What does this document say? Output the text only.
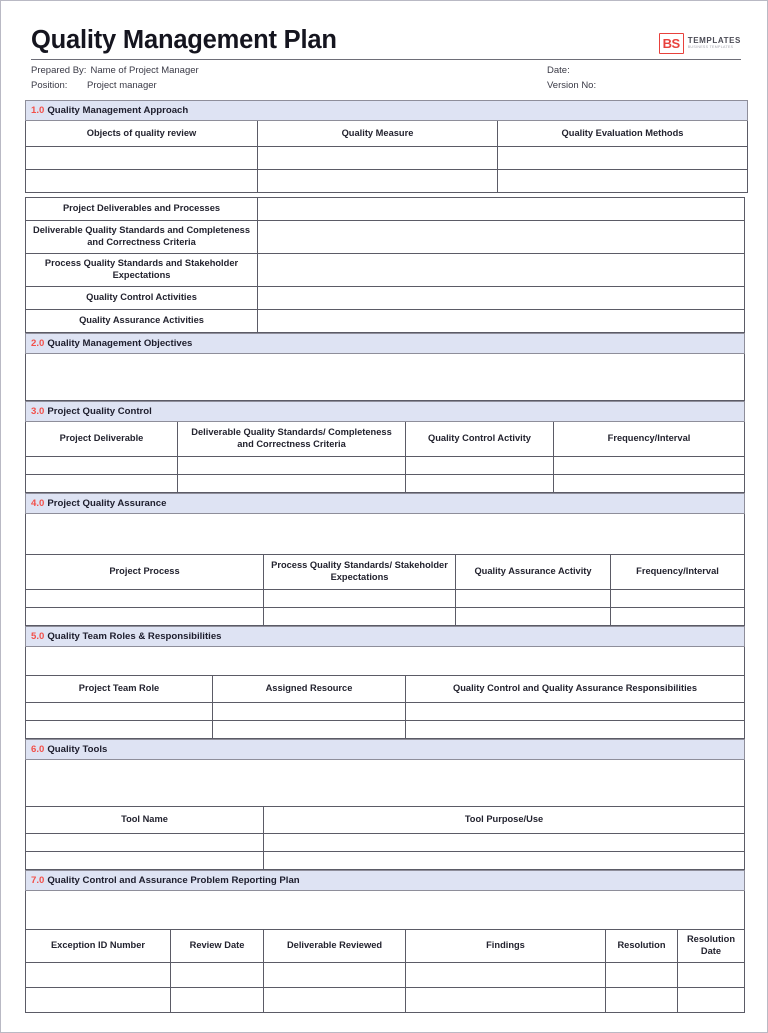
BS	TEMPLATES
BUSINESS TEMPLATES
Quality Management Plan
Prepared By: Name of Project Manager
Position:	Project manager
Date:
Version No:
1.0 Quality Management Approach		
Objects of quality review	Quality Measure	Quality Evaluation Methods

Project Deliverables and Processes	
Deliverable Quality Standards and Completeness and Correctness Criteria	
Process Quality Standards and Stakeholder Expectations	
Quality Control Activities	
Quality Assurance Activities	
2.0 Quality Management Objectives

3.0 Project Quality Control			
Project Deliverable	Deliverable Quality Standards/ Completeness and Correctness Criteria	Quality Control Activity	Frequency/Interval

4.0 Project Quality Assurance			

Project Process	Process Quality Standards/ Stakeholder Expectations	Quality Assurance Activity	Frequency/Interval

5.0 Quality Team Roles & Responsibilities		

Project Team Role	Assigned Resource	Quality Control and Quality Assurance Responsibilities

6.0 Quality Tools	

Tool Name	Tool Purpose/Use

7.0 Quality Control and Assurance Problem Reporting Plan					

Exception ID Number	Review Date	Deliverable Reviewed	Findings	Resolution	Resolution Date
